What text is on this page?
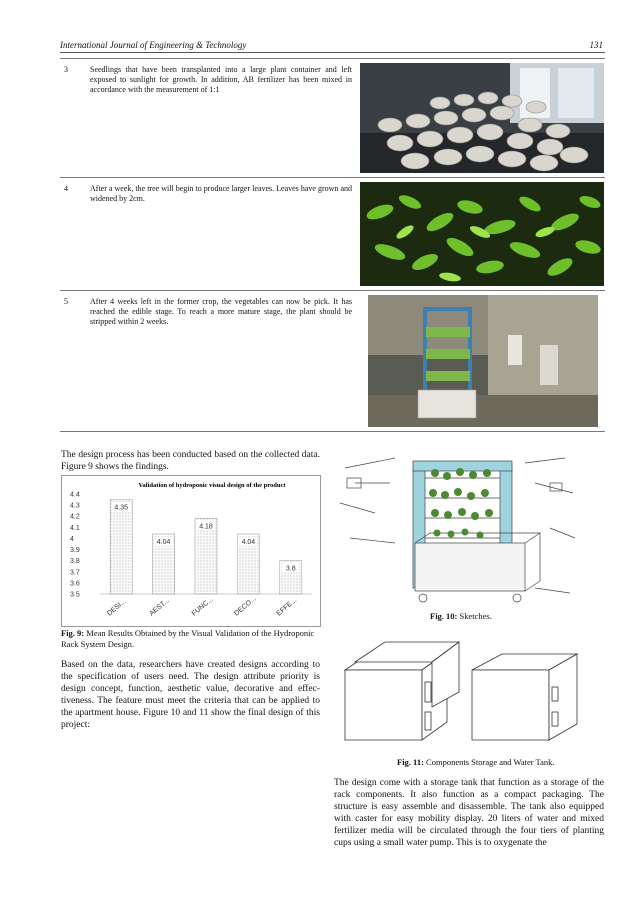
International Journal of Engineering & Technology	131
3	Seedlings that have been transplanted into a large plant container and left exposed to sunlight for growth. In addition, AB fertilizer has been mixed in accordance with the measurement of 1:1	

4	After a week, the tree will begin to produce larger leaves. Leaves have grown and widened by 2cm.	

5	After 4 weeks left in the former crop, the vegetables can now be pick. It has reached the edible stage. To reach a more mature stage, the plant should be stripped within 2 weeks.	
The design process has been conducted based on the collected data. Figure 9 shows the findings.
Validation of hydroponic visual design of the product
3.5
3.6
3.7
3.8
3.9
4
4.1
4.2
4.3
4.4
4.35
4.04
4.18
4.04
3.8
DESI...	AEST...	FUNC...	DECO...	EFFE...
Fig. 9: Mean Results Obtained by the Visual Validation of the Hydroponic Rack System Design.
Based on the data, researchers have created designs according to the specification of users need. The design attribute priority is design concept, function, aesthetic value, decorative and effec-tiveness. The feature must meet the criteria that can be applied to the apartment house. Figure 10 and 11 show the final design of this project:
Fig. 10: Sketches.
Fig. 11: Components Storage and Water Tank.
The design come with a storage tank that function as a storage of the rack components. It also function as a compact packaging. The structure is easy assemble and disassemble. The tank also equipped with caster for easy mobility display. 20 liters of water and mixed fertilizer media will be circulated through the four tiers of planting cups using a small water pump. This is to oxygenate the
